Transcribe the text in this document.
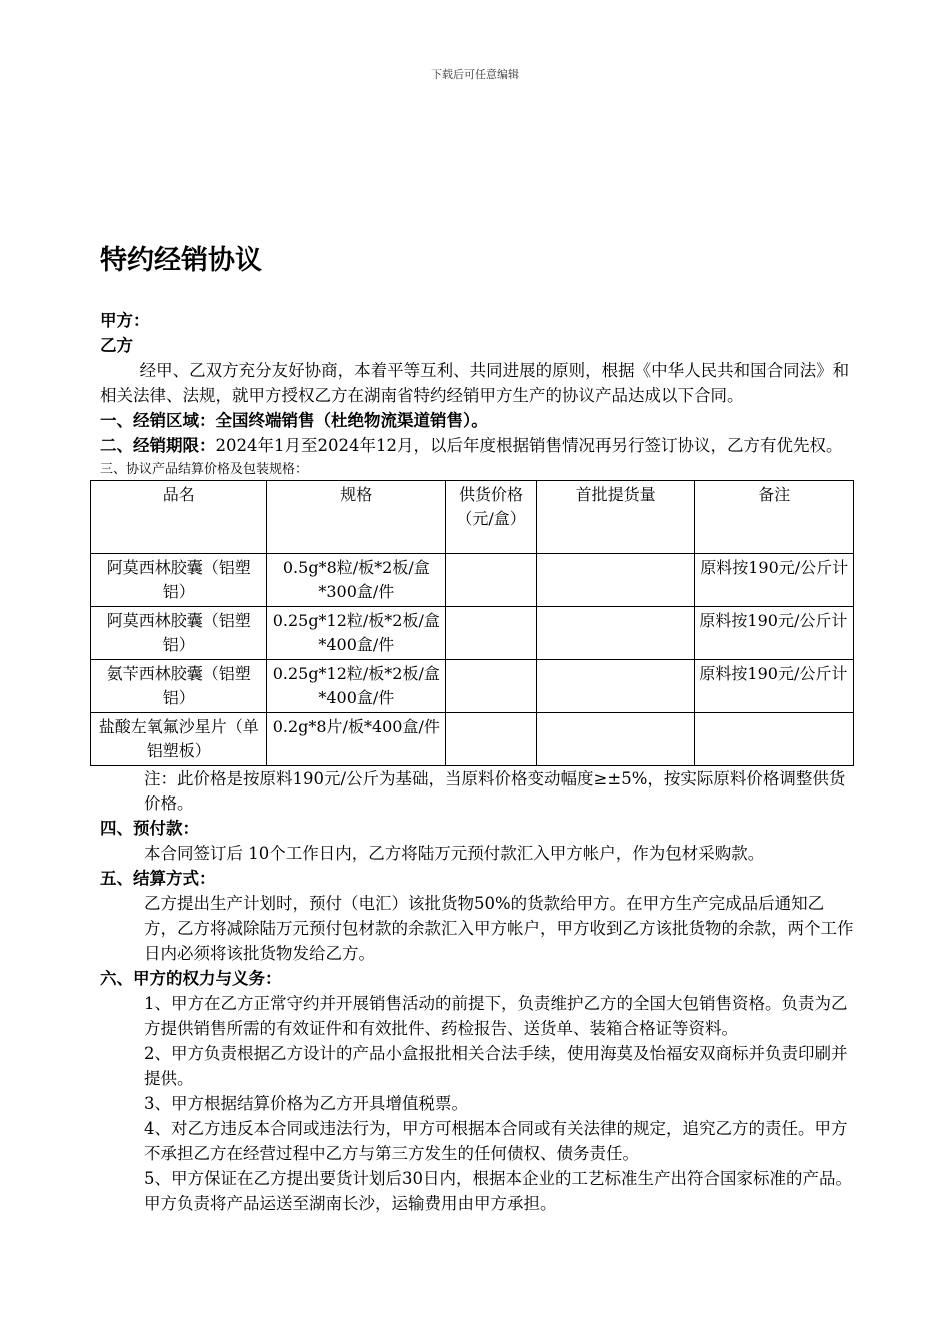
下载后可任意编辑
特约经销协议

甲方：

乙方

经甲、乙双方充分友好协商，本着平等互利、共同进展的原则，根据《中华人民共和国合同法》和相关法律、法规，就甲方授权乙方在湖南省特约经销甲方生产的协议产品达成以下合同。

一、经销区域：全国终端销售（杜绝物流渠道销售）。

二、经销期限：2024年1月至2024年12月，以后年度根据销售情况再另行签订协议，乙方有优先权。

三、协议产品结算价格及包装规格：

品名	规格	供货价格（元/盒）	首批提货量	备注
阿莫西林胶囊（铝塑铝）	0.5g*8粒/板*2板/盒*300盒/件			原料按190元/公斤计
阿莫西林胶囊（铝塑铝）	0.25g*12粒/板*2板/盒*400盒/件			原料按190元/公斤计
氨苄西林胶囊（铝塑铝）	0.25g*12粒/板*2板/盒*400盒/件			原料按190元/公斤计
盐酸左氧氟沙星片（单铝塑板）	0.2g*8片/板*400盒/件			

注：此价格是按原料190元/公斤为基础，当原料价格变动幅度≥±5%，按实际原料价格调整供货价格。

四、预付款：

本合同签订后 10个工作日内，乙方将陆万元预付款汇入甲方帐户，作为包材采购款。

五、结算方式：

乙方提出生产计划时，预付（电汇）该批货物50%的货款给甲方。在甲方生产完成品后通知乙方，乙方将减除陆万元预付包材款的余款汇入甲方帐户，甲方收到乙方该批货物的余款，两个工作日内必须将该批货物发给乙方。

六、甲方的权力与义务：

1、甲方在乙方正常守约并开展销售活动的前提下，负责维护乙方的全国大包销售资格。负责为乙方提供销售所需的有效证件和有效批件、药检报告、送货单、装箱合格证等资料。

2、甲方负责根据乙方设计的产品小盒报批相关合法手续，使用海莫及怡福安双商标并负责印刷并提供。

3、甲方根据结算价格为乙方开具增值税票。

4、对乙方违反本合同或违法行为，甲方可根据本合同或有关法律的规定，追究乙方的责任。甲方不承担乙方在经营过程中乙方与第三方发生的任何债权、债务责任。

5、甲方保证在乙方提出要货计划后30日内，根据本企业的工艺标准生产出符合国家标准的产品。甲方负责将产品运送至湖南长沙，运输费用由甲方承担。
